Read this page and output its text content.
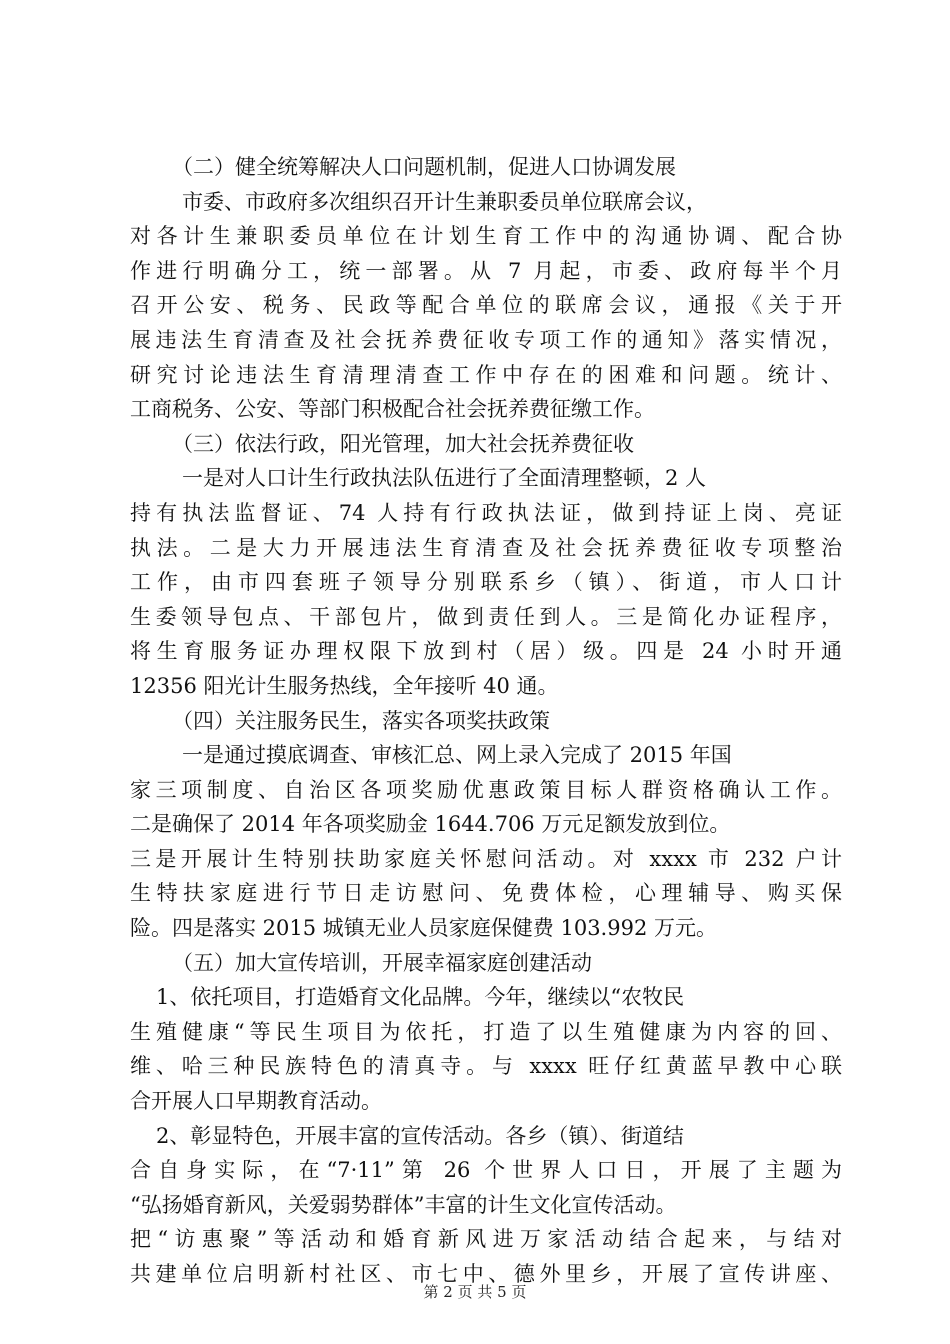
（二）健全统筹解决人口问题机制，促进人口协调发展
市委、市政府多次组织召开计生兼职委员单位联席会议，
对各计生兼职委员单位在计划生育工作中的沟通协调、配合协
作进行明确分工，统一部署。从 7 月起，市委、政府每半个月
召开公安、税务、民政等配合单位的联席会议，通报《关于开
展违法生育清查及社会抚养费征收专项工作的通知》落实情况，
研究讨论违法生育清理清查工作中存在的困难和问题。统计、
工商税务、公安、等部门积极配合社会抚养费征缴工作。
（三）依法行政，阳光管理，加大社会抚养费征收
一是对人口计生行政执法队伍进行了全面清理整顿，2 人
持有执法监督证、74 人持有行政执法证，做到持证上岗、亮证
执法。二是大力开展违法生育清查及社会抚养费征收专项整治
工作，由市四套班子领导分别联系乡（镇）、街道，市人口计
生委领导包点、干部包片，做到责任到人。三是简化办证程序，
将生育服务证办理权限下放到村（居）级。四是 24 小时开通
12356 阳光计生服务热线，全年接听 40 通。
（四）关注服务民生，落实各项奖扶政策
一是通过摸底调查、审核汇总、网上录入完成了 2015 年国
家三项制度、自治区各项奖励优惠政策目标人群资格确认工作。
二是确保了 2014 年各项奖励金 1644.706 万元足额发放到位。
三是开展计生特别扶助家庭关怀慰问活动。对 xxxx 市 232 户计
生特扶家庭进行节日走访慰问、免费体检，心理辅导、购买保
险。四是落实 2015 城镇无业人员家庭保健费 103.992 万元。
（五）加大宣传培训，开展幸福家庭创建活动
1、依托项目，打造婚育文化品牌。今年，继续以“农牧民
生殖健康“等民生项目为依托，打造了以生殖健康为内容的回、
维、哈三种民族特色的清真寺。与 xxxx 旺仔红黄蓝早教中心联
合开展人口早期教育活动。
2、彰显特色，开展丰富的宣传活动。各乡（镇）、街道结
合自身实际，在“7·11”第 26 个世界人口日，开展了主题为
“弘扬婚育新风，关爱弱势群体”丰富的计生文化宣传活动。
把“访惠聚”等活动和婚育新风进万家活动结合起来，与结对
共建单位启明新村社区、市七中、德外里乡，开展了宣传讲座、
第 2 页 共 5 页
